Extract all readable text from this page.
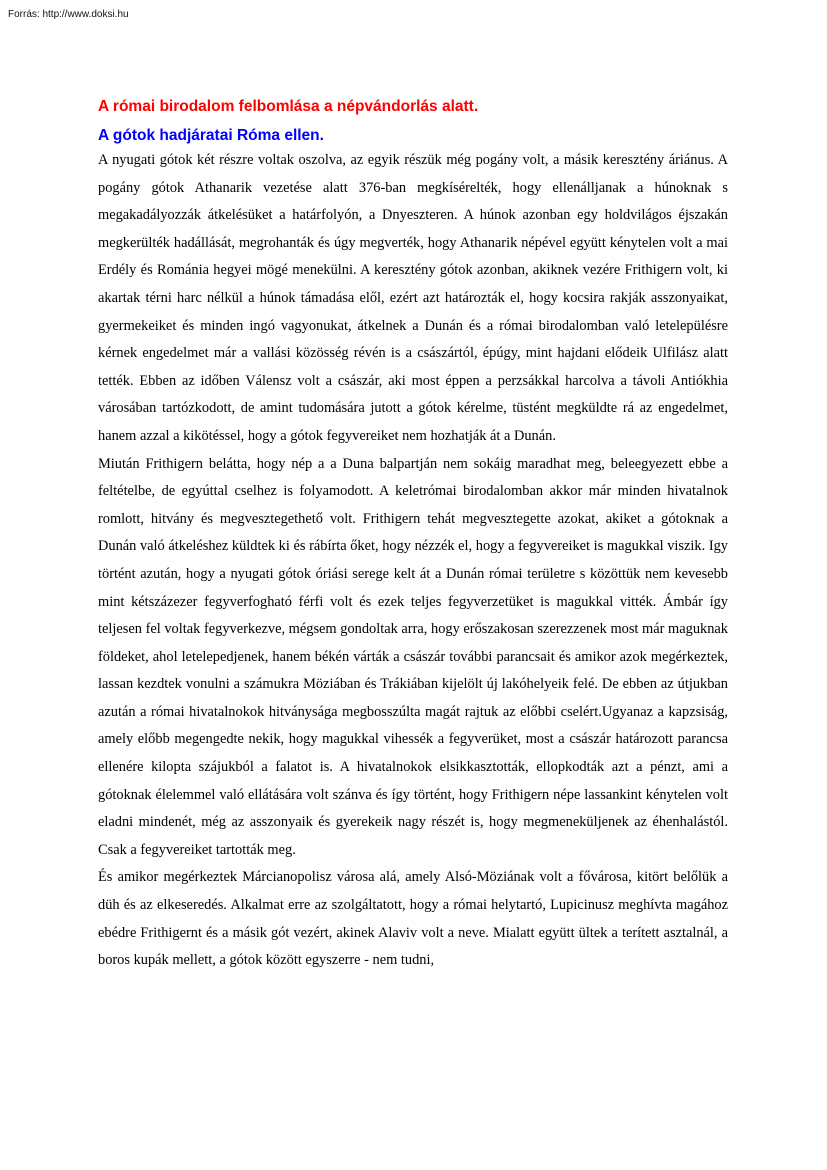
Forrás: http://www.doksi.hu
A római birodalom felbomlása a népvándorlás alatt.
A gótok hadjáratai Róma ellen.

A nyugati gótok két részre voltak oszolva, az egyik részük még pogány volt, a másik keresztény áriánus. A pogány gótok Athanarik vezetése alatt 376-ban megkísérelték, hogy ellenálljanak a húnoknak s megakadályozzák átkelésüket a határfolyón, a Dnyeszteren. A húnok azonban egy holdvilágos éjszakán megkerülték hadállását, megrohanták és úgy megverték, hogy Athanarik népével együtt kénytelen volt a mai Erdély és Románia hegyei mögé menekülni. A keresztény gótok azonban, akiknek vezére Frithigern volt, ki akartak térni harc nélkül a húnok támadása elől, ezért azt határozták el, hogy kocsira rakják asszonyaikat, gyermekeiket és minden ingó vagyonukat, átkelnek a Dunán és a római birodalomban való letelepülésre kérnek engedelmet már a vallási közösség révén is a császártól, épúgy, mint hajdani elődeik Ulfilász alatt tették. Ebben az időben Válensz volt a császár, aki most éppen a perzsákkal harcolva a távoli Antiókhia városában tartózkodott, de amint tudomására jutott a gótok kérelme, tüstént megküldte rá az engedelmet, hanem azzal a kikötéssel, hogy a gótok fegyvereiket nem hozhatják át a Dunán.

Miután Frithigern belátta, hogy nép a a Duna balpartján nem sokáig maradhat meg, beleegyezett ebbe a feltételbe, de egyúttal cselhez is folyamodott. A keletrómai birodalomban akkor már minden hivatalnok romlott, hitvány és megvesztegethető volt. Frithigern tehát megvesztegette azokat, akiket a gótoknak a Dunán való átkeléshez küldtek ki és rábírta őket, hogy nézzék el, hogy a fegyvereiket is magukkal viszik. Igy történt azután, hogy a nyugati gótok óriási serege kelt át a Dunán római területre s közöttük nem kevesebb mint kétszázezer fegyverfogható férfi volt és ezek teljes fegyverzetüket is magukkal vitték. Ámbár így teljesen fel voltak fegyverkezve, mégsem gondoltak arra, hogy erőszakosan szerezzenek most már maguknak földeket, ahol letelepedjenek, hanem békén várták a császár további parancsait és amikor azok megérkeztek, lassan kezdtek vonulni a számukra Möziában és Trákiában kijelölt új lakóhelyeik felé. De ebben az útjukban azután a római hivatalnokok hitványsága megbosszúlta magát rajtuk az előbbi cselért.Ugyanaz a kapzsiság, amely előbb megengedte nekik, hogy magukkal vihessék a fegyverüket, most a császár határozott parancsa ellenére kilopta szájukból a falatot is. A hivatalnokok elsikkasztották, ellopkodták azt a pénzt, ami a gótoknak élelemmel való ellátására volt szánva és így történt, hogy Frithigern népe lassankint kénytelen volt eladni mindenét, még az asszonyaik és gyerekeik nagy részét is, hogy megmeneküljenek az éhenhalástól. Csak a fegyvereiket tartották meg.

És amikor megérkeztek Márcianopolisz városa alá, amely Alsó-Möziának volt a fővárosa, kitört belőlük a düh és az elkeseredés. Alkalmat erre az szolgáltatott, hogy a római helytartó, Lupicinusz meghívta magához ebédre Frithigernt és a másik gót vezért, akinek Alaviv volt a neve. Mialatt együtt ültek a terített asztalnál, a boros kupák mellett, a gótok között egyszerre - nem tudni,
